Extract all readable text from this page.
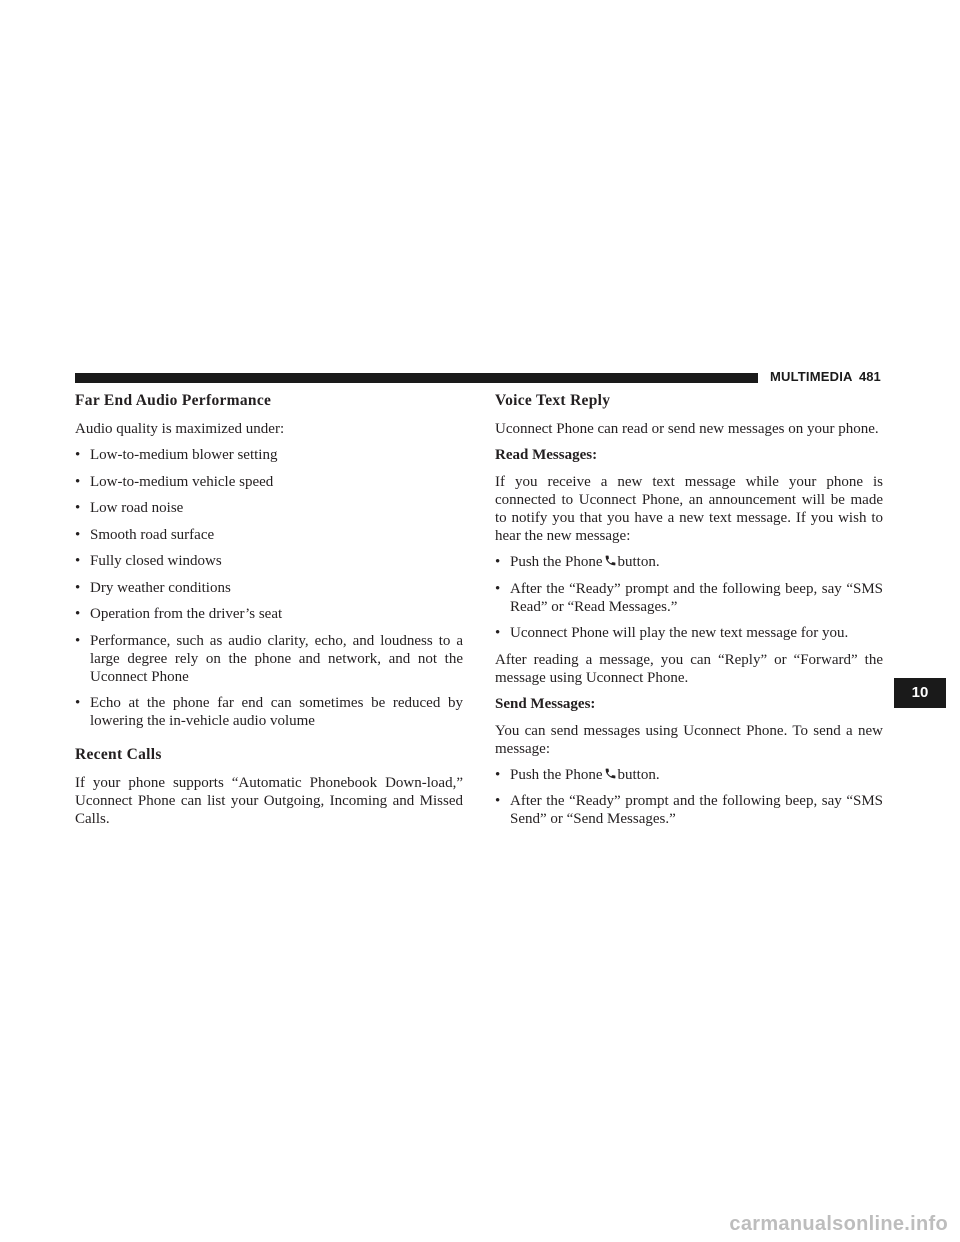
MULTIMEDIA 481
Far End Audio Performance

Audio quality is maximized under:

• Low-to-medium blower setting
• Low-to-medium vehicle speed
• Low road noise
• Smooth road surface
• Fully closed windows
• Dry weather conditions
• Operation from the driver’s seat
• Performance, such as audio clarity, echo, and loudness to a large degree rely on the phone and network, and not the Uconnect Phone
• Echo at the phone far end can sometimes be reduced by lowering the in-vehicle audio volume
Recent Calls

If your phone supports “Automatic Phonebook Down-load,” Uconnect Phone can list your Outgoing, Incoming and Missed Calls.

Voice Text Reply

Uconnect Phone can read or send new messages on your phone.

Read Messages:

If you receive a new text message while your phone is connected to Uconnect Phone, an announcement will be made to notify you that you have a new text message. If you wish to hear the new message:

• Push the Phone button.
• After the “Ready” prompt and the following beep, say “SMS Read” or “Read Messages.”
• Uconnect Phone will play the new text message for you.

After reading a message, you can “Reply” or “Forward” the message using Uconnect Phone.

Send Messages:

You can send messages using Uconnect Phone. To send a new message:

• Push the Phone button.
• After the “Ready” prompt and the following beep, say “SMS Send” or “Send Messages.”
10
carmanualsonline.info
